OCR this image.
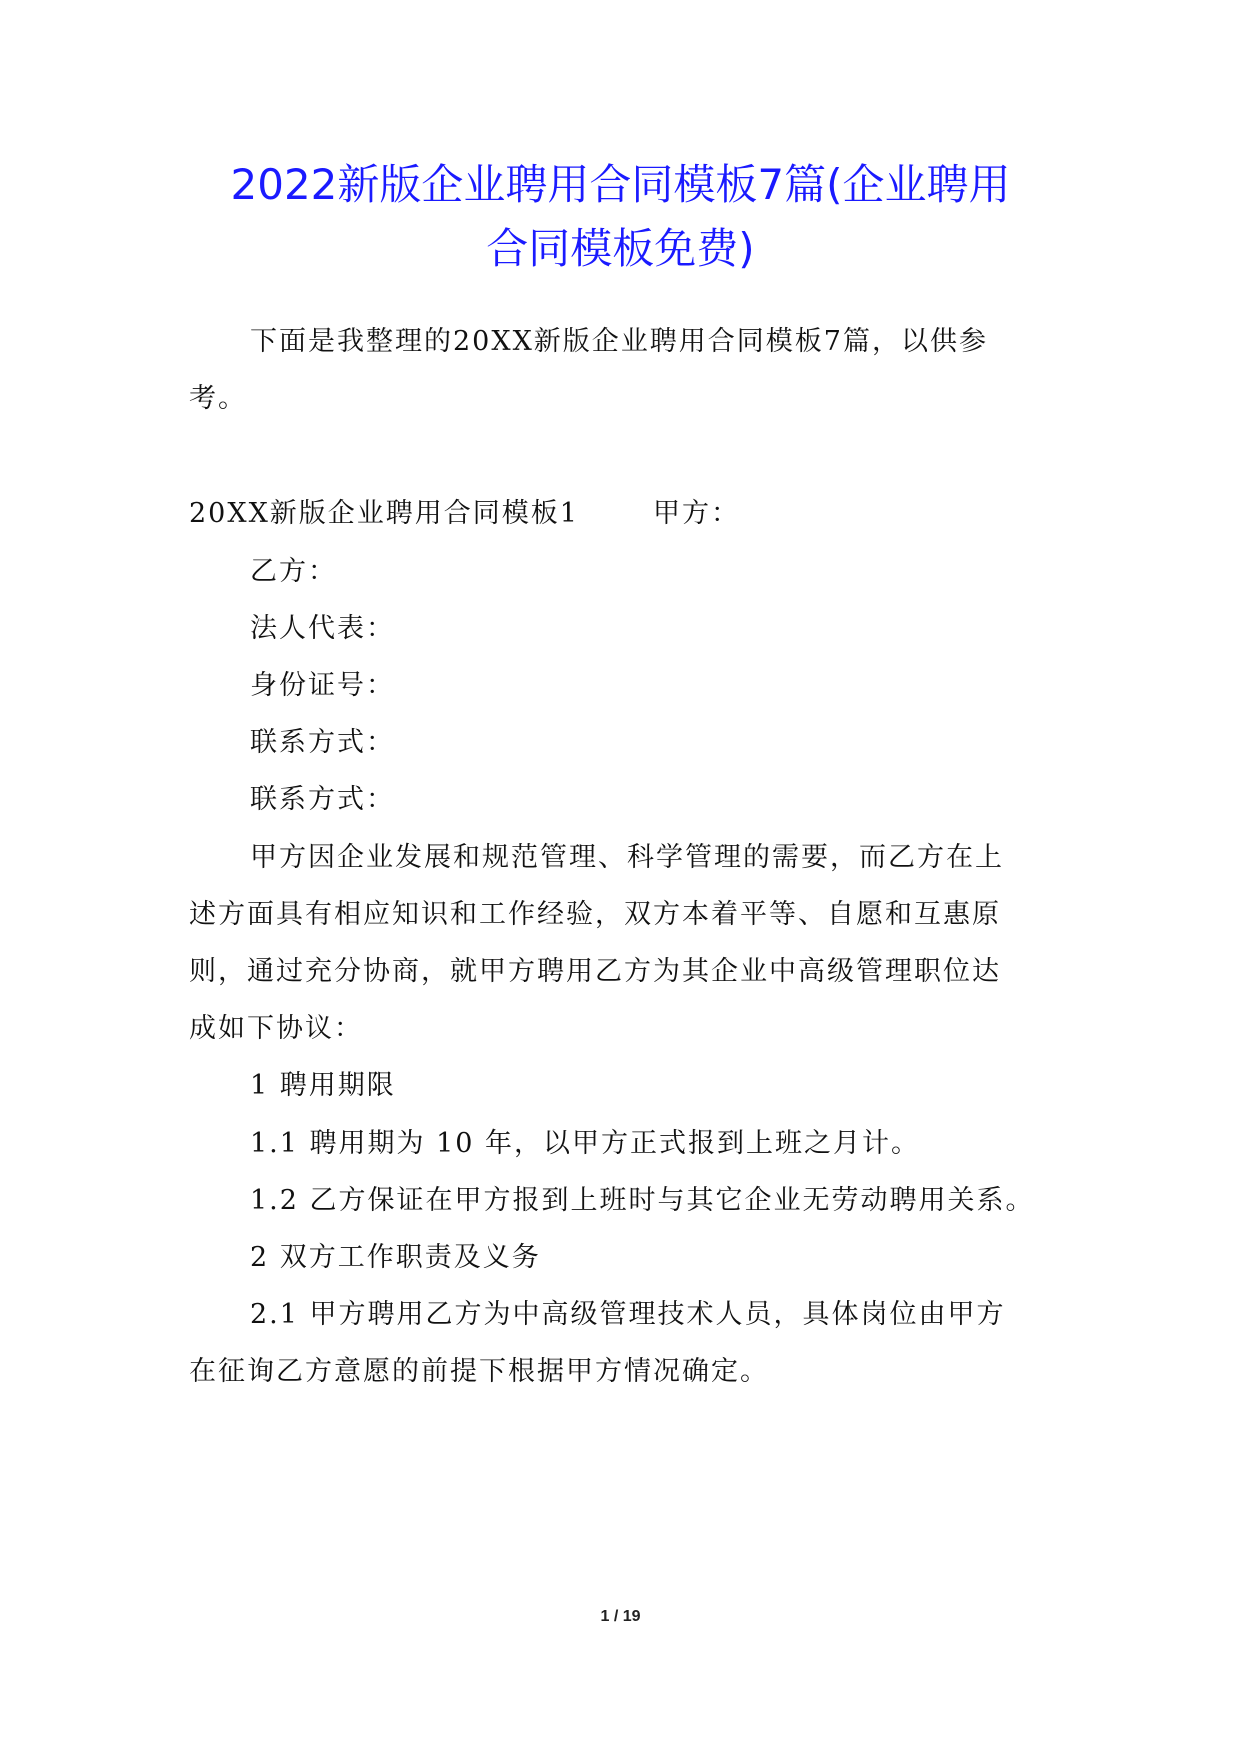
2022新版企业聘用合同模板7篇(企业聘用
合同模板免费)

下面是我整理的20XX新版企业聘用合同模板7篇，以供参

考。

20XX新版企业聘用合同模板1	甲方：

乙方：

法人代表：

身份证号：

联系方式：

联系方式：

甲方因企业发展和规范管理、科学管理的需要，而乙方在上

述方面具有相应知识和工作经验，双方本着平等、自愿和互惠原

则，通过充分协商，就甲方聘用乙方为其企业中高级管理职位达

成如下协议：

1 聘用期限

1.1 聘用期为 10 年，以甲方正式报到上班之月计。

1.2 乙方保证在甲方报到上班时与其它企业无劳动聘用关系。

2 双方工作职责及义务

2.1 甲方聘用乙方为中高级管理技术人员，具体岗位由甲方

在征询乙方意愿的前提下根据甲方情况确定。

1 / 19
